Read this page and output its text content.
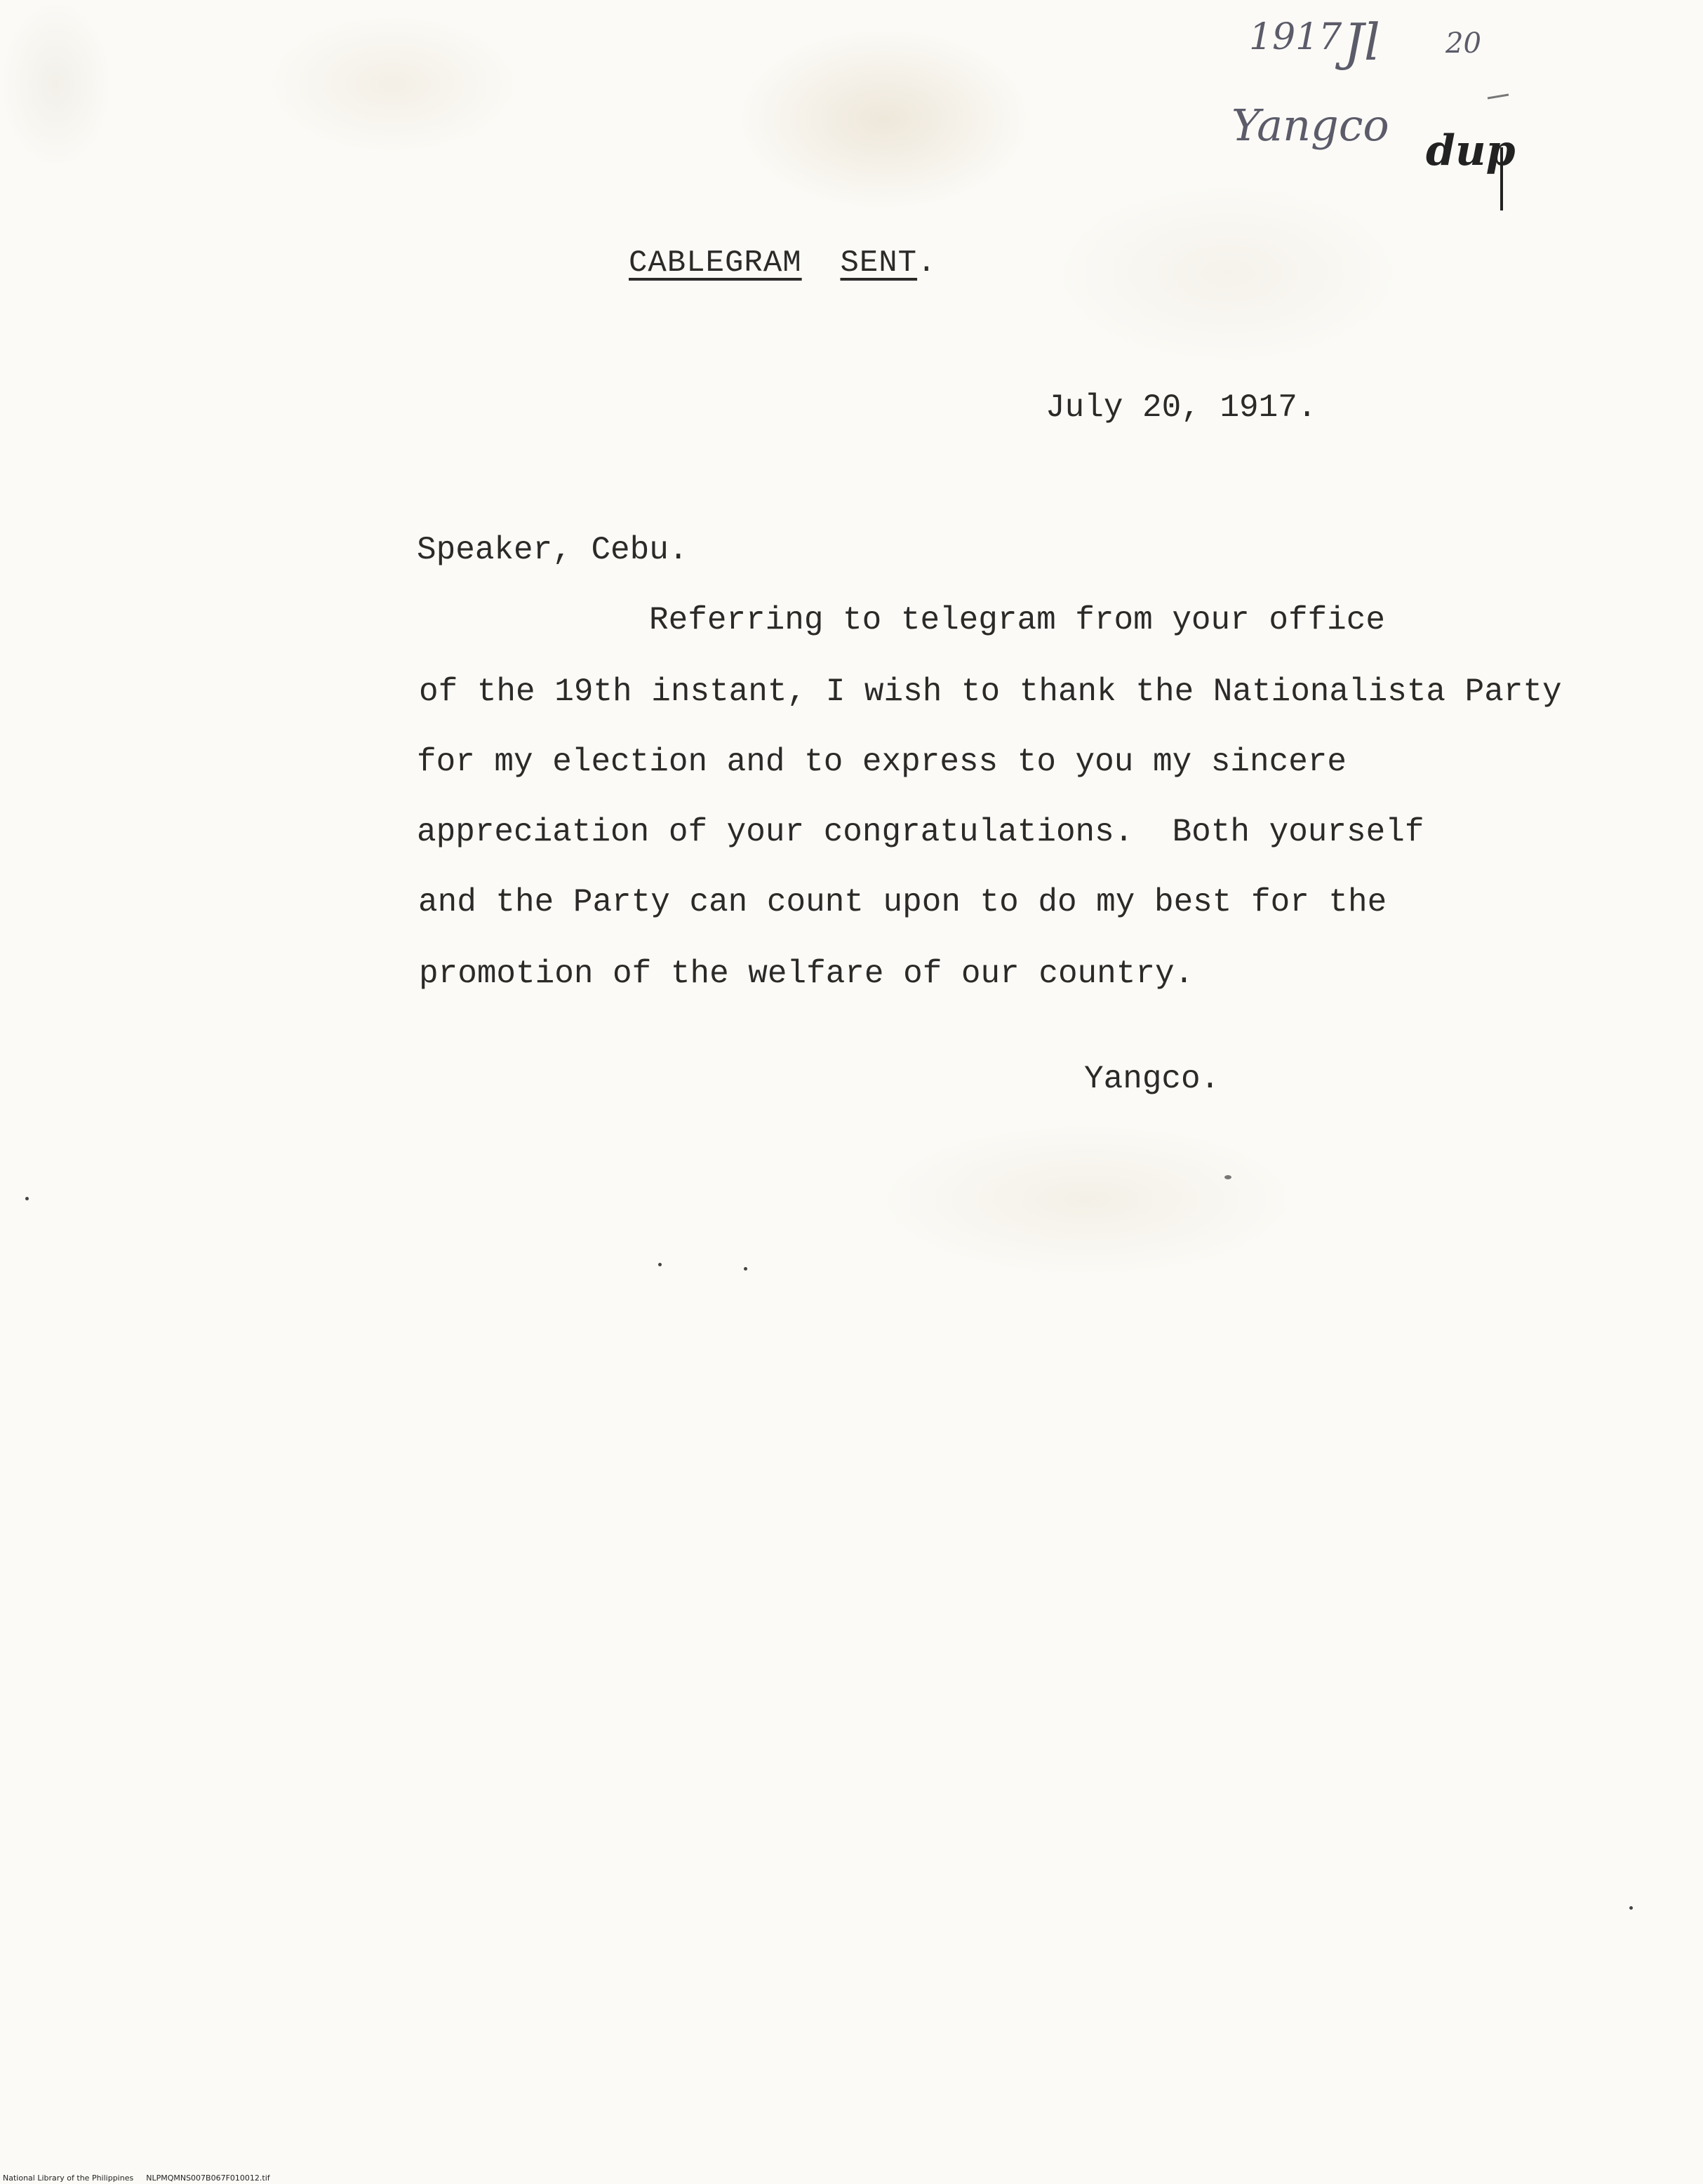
1917 Jl 20
Yangco dup
CABLEGRAM SENT.
July 20, 1917.
Speaker, Cebu.
Referring to telegram from your office
of the 19th instant, I wish to thank the Nationalista Party
for my election and to express to you my sincere
appreciation of your congratulations.  Both yourself
and the Party can count upon to do my best for the
promotion of the welfare of our country.
Yangco.
National Library of the Philippines NLPMQMNS007B067F010012.tif
